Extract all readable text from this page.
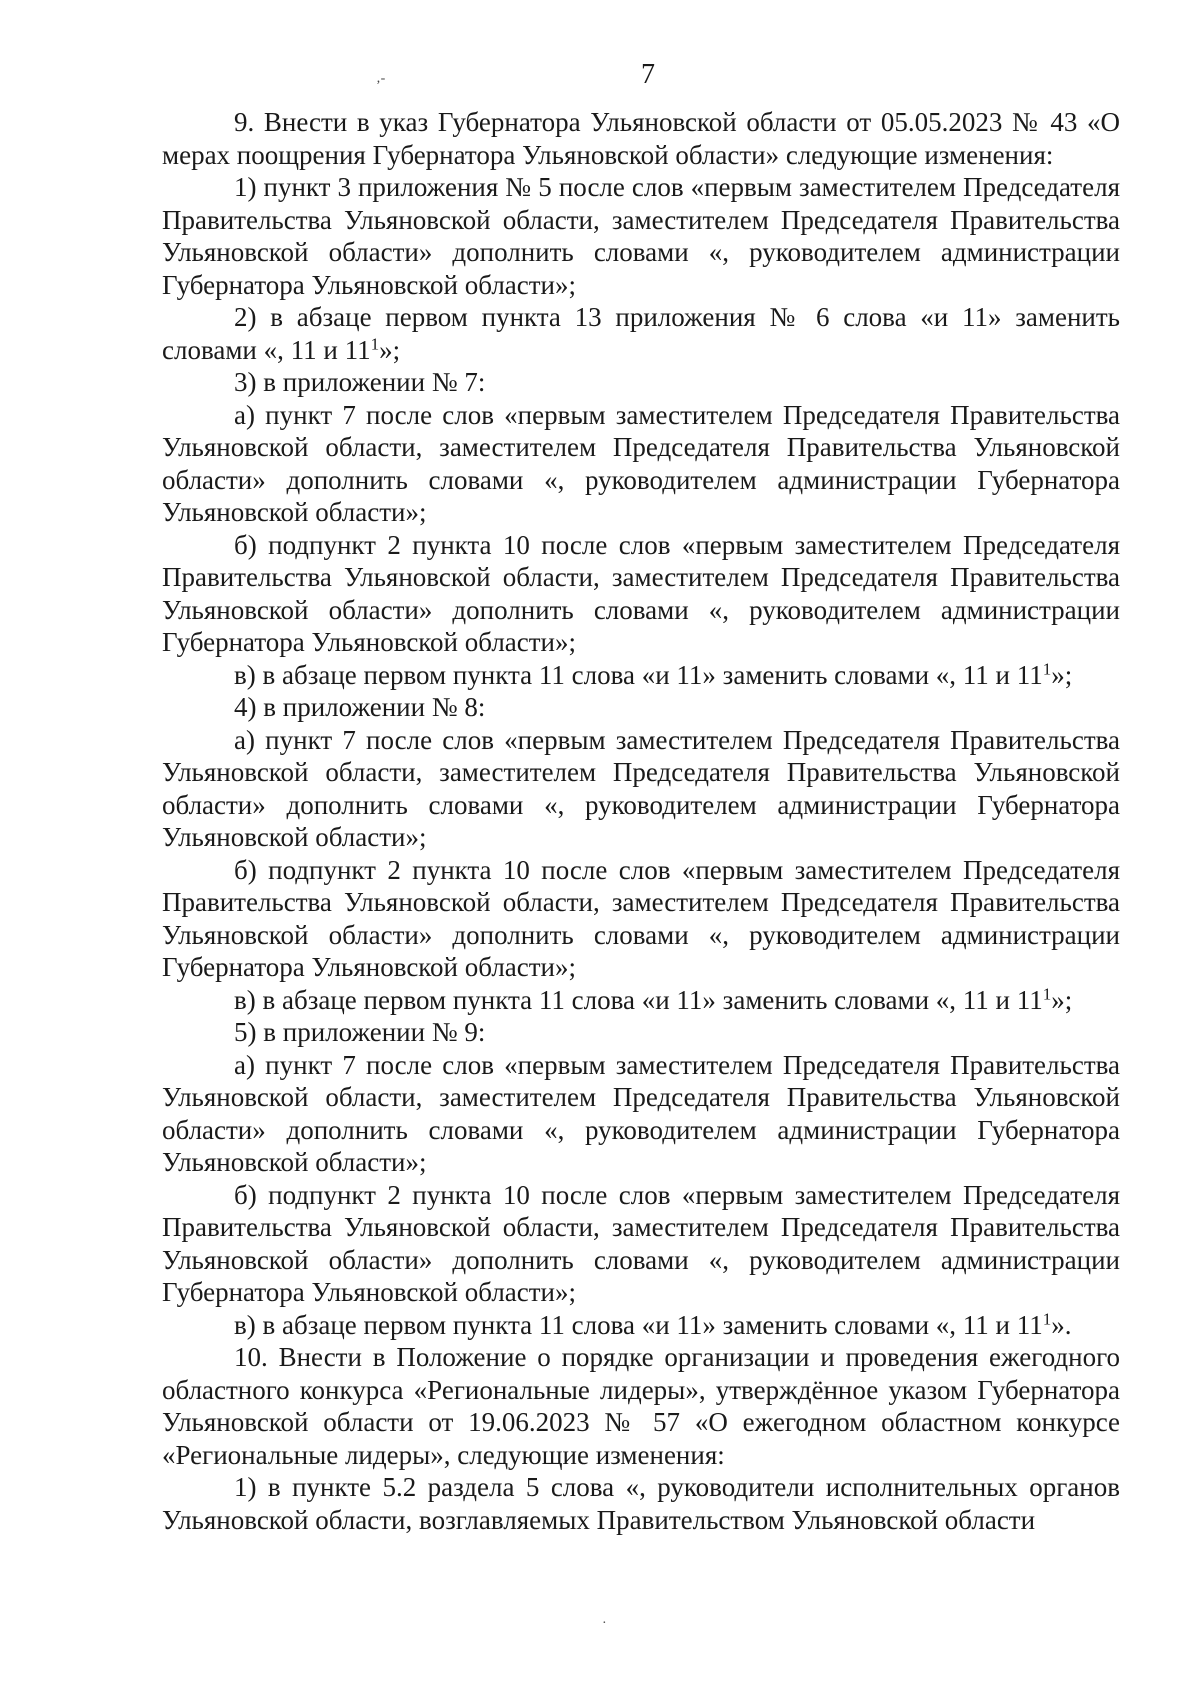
7
‚-
·

9. Внести в указ Губернатора Ульяновской области от 05.05.2023 № 43 «О мерах поощрения Губернатора Ульяновской области» следующие изменения:

1) пункт 3 приложения № 5 после слов «первым заместителем Председателя Правительства Ульяновской области, заместителем Председателя Правительства Ульяновской области» дополнить словами «, руководителем администрации Губернатора Ульяновской области»;

2) в абзаце первом пункта 13 приложения № 6 слова «и 11» заменить словами «, 11 и $11^1$»;

3) в приложении № 7:

а) пункт 7 после слов «первым заместителем Председателя Правительства Ульяновской области, заместителем Председателя Правительства Ульяновской области» дополнить словами «, руководителем администрации Губернатора Ульяновской области»;

б) подпункт 2 пункта 10 после слов «первым заместителем Председателя Правительства Ульяновской области, заместителем Председателя Правительства Ульяновской области» дополнить словами «, руководителем администрации Губернатора Ульяновской области»;

в) в абзаце первом пункта 11 слова «и 11» заменить словами «, 11 и $11^1$»;

4) в приложении № 8:

а) пункт 7 после слов «первым заместителем Председателя Правительства Ульяновской области, заместителем Председателя Правительства Ульяновской области» дополнить словами «, руководителем администрации Губернатора Ульяновской области»;

б) подпункт 2 пункта 10 после слов «первым заместителем Председателя Правительства Ульяновской области, заместителем Председателя Правительства Ульяновской области» дополнить словами «, руководителем администрации Губернатора Ульяновской области»;

в) в абзаце первом пункта 11 слова «и 11» заменить словами «, 11 и $11^1$»;

5) в приложении № 9:

а) пункт 7 после слов «первым заместителем Председателя Правительства Ульяновской области, заместителем Председателя Правительства Ульяновской области» дополнить словами «, руководителем администрации Губернатора Ульяновской области»;

б) подпункт 2 пункта 10 после слов «первым заместителем Председателя Правительства Ульяновской области, заместителем Председателя Правительства Ульяновской области» дополнить словами «, руководителем администрации Губернатора Ульяновской области»;

в) в абзаце первом пункта 11 слова «и 11» заменить словами «, 11 и $11^1$».

10. Внести в Положение о порядке организации и проведения ежегодного областного конкурса «Региональные лидеры», утверждённое указом Губернатора Ульяновской области от 19.06.2023 № 57 «О ежегодном областном конкурсе «Региональные лидеры», следующие изменения:

1) в пункте 5.2 раздела 5 слова «, руководители исполнительных органов Ульяновской области, возглавляемых Правительством Ульяновской области
